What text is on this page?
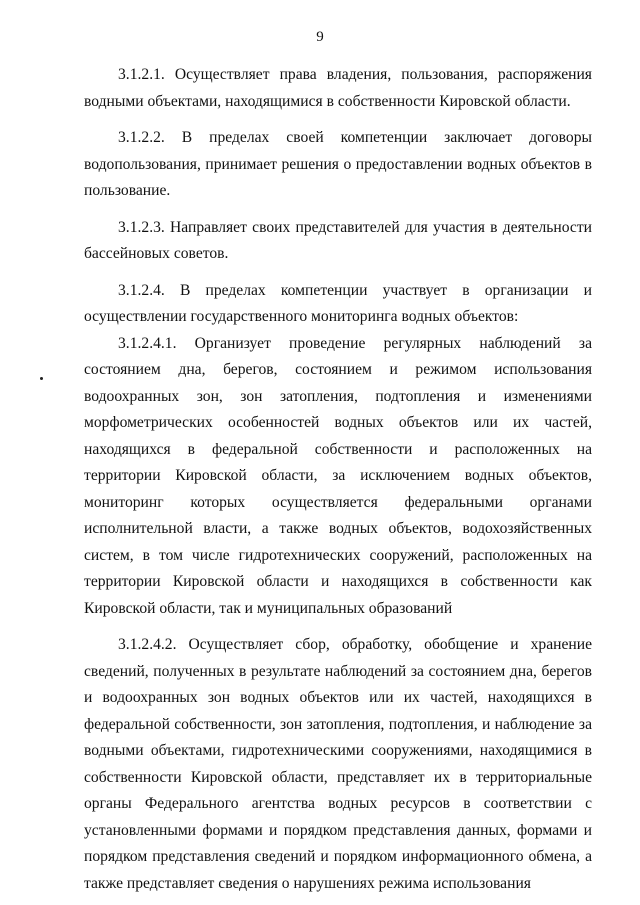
9

3.1.2.1. Осуществляет права владения, пользования, распоряжения водными объектами, находящимися в собственности Кировской области.

3.1.2.2. В пределах своей компетенции заключает договоры водопользования, принимает решения о предоставлении водных объектов в пользование.

3.1.2.3. Направляет своих представителей для участия в деятельности бассейновых советов.

3.1.2.4. В пределах компетенции участвует в организации и осуществлении государственного мониторинга водных объектов:

3.1.2.4.1. Организует проведение регулярных наблюдений за состоянием дна, берегов, состоянием и режимом использования водоохранных зон, зон затопления, подтопления и изменениями морфометрических особенностей водных объектов или их частей, находящихся в федеральной собственности и расположенных на территории Кировской области, за исключением водных объектов, мониторинг которых осуществляется федеральными органами исполнительной власти, а также водных объектов, водохозяйственных систем, в том числе гидротехнических сооружений, расположенных на территории Кировской области и находящихся в собственности как Кировской области, так и муниципальных образований

3.1.2.4.2. Осуществляет сбор, обработку, обобщение и хранение сведений, полученных в результате наблюдений за состоянием дна, берегов и водоохранных зон водных объектов или их частей, находящихся в федеральной собственности, зон затопления, подтопления, и наблюдение за водными объектами, гидротехническими сооружениями, находящимися в собственности Кировской области, представляет их в территориальные органы Федерального агентства водных ресурсов в соответствии с установленными формами и порядком представления данных, формами и порядком представления сведений и порядком информационного обмена, а также представляет сведения о нарушениях режима использования
